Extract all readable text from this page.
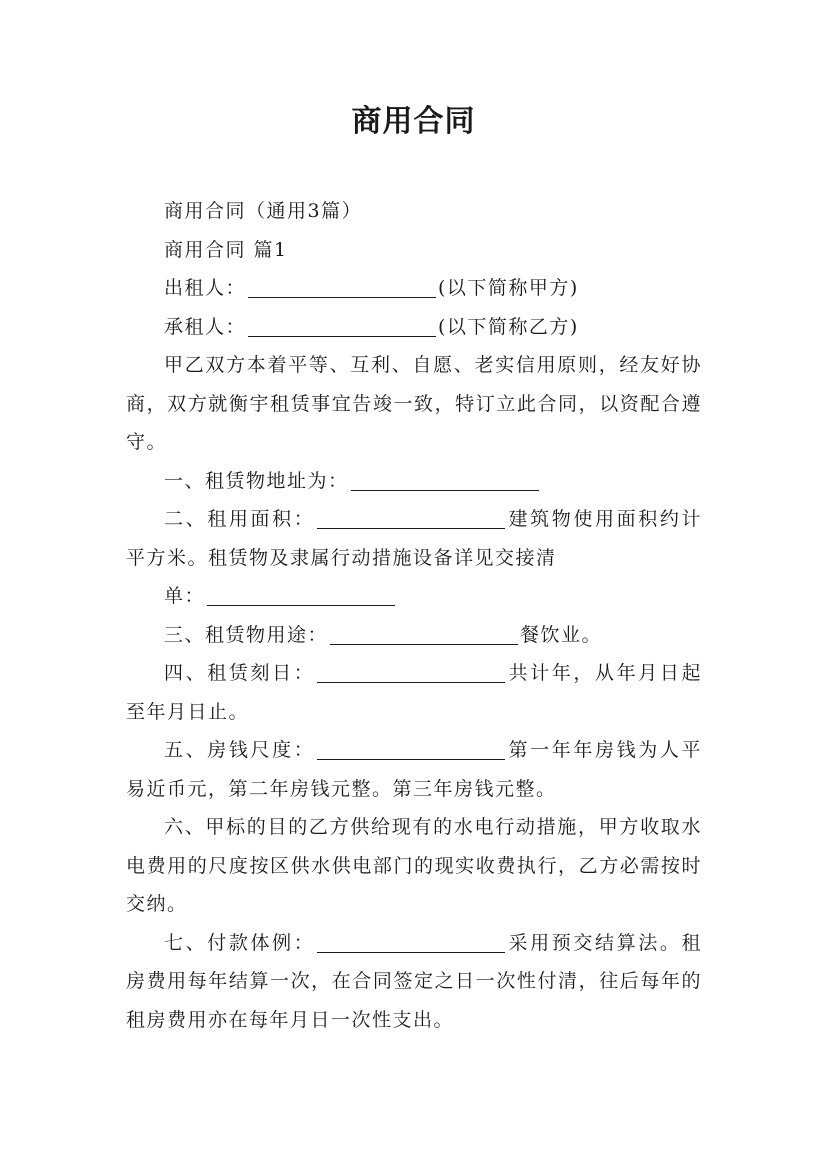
商用合同

商用合同（通用3篇）

商用合同 篇1

出租人：	(以下简称甲方)

承租人：	(以下简称乙方)

甲乙双方本着平等、互利、自愿、老实信用原则，经友好协商，双方就衡宇租赁事宜告竣一致，特订立此合同，以资配合遵守。

一、租赁物地址为：

二、租用面积：	建筑物使用面积约计平方米。租赁物及隶属行动措施设备详见交接清

单：

三、租赁物用途：	餐饮业。

四、租赁刻日：	共计年，从年月日起至年月日止。

五、房钱尺度：	第一年年房钱为人平易近币元，第二年房钱元整。第三年房钱元整。

六、甲标的目的乙方供给现有的水电行动措施，甲方收取水电费用的尺度按区供水供电部门的现实收费执行，乙方必需按时交纳。

七、付款体例：	采用预交结算法。租房费用每年结算一次，在合同签定之日一次性付清，往后每年的租房费用亦在每年月日一次性支出。
